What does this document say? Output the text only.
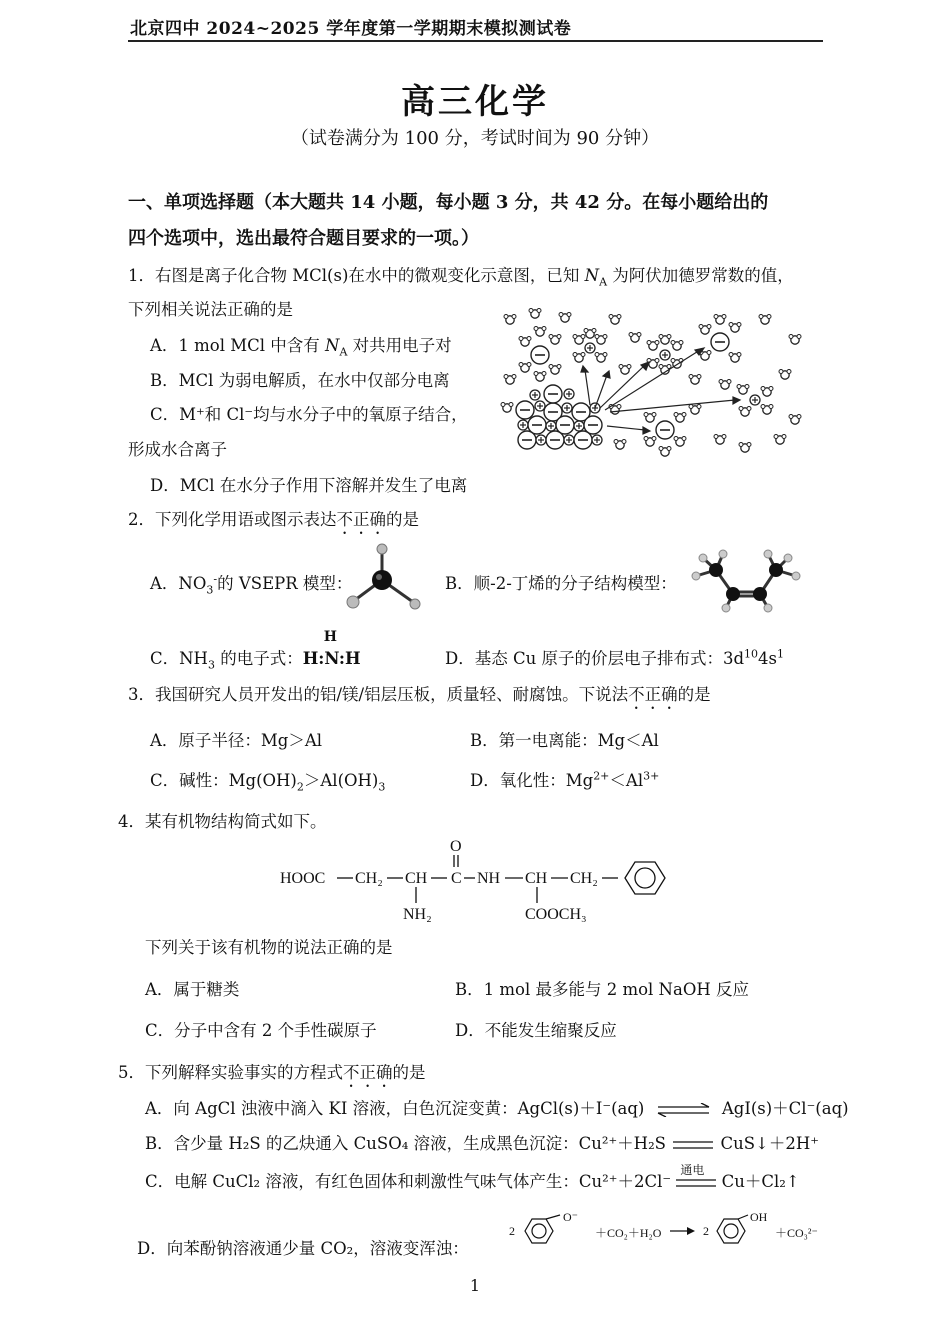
北京四中 2024~2025 学年度第一学期期末模拟测试卷
高三化学
（试卷满分为 100 分，考试时间为 90 分钟）
一、单项选择题（本大题共 14 小题，每小题 3 分，共 42 分。在每小题给出的
四个选项中，选出最符合题目要求的一项。）
1．右图是离子化合物 MCl(s)在水中的微观变化示意图，已知 $N_A$ 为阿伏加德罗常数的值，
下列相关说法正确的是
A．1 mol MCl 中含有 $N_A$ 对共用电子对
B．MCl 为弱电解质，在水中仅部分电离
C．M⁺和 Cl⁻均与水分子中的氧原子结合，
形成水合离子
D．MCl 在水分子作用下溶解并发生了电离
2．下列化学用语或图示表达不正确的是
A．$NO_3^-$的 VSEPR 模型：	B．顺-2-丁烯的分子结构模型：
C．$NH_3$ 的电子式：
H
H:N:H	D．基态 Cu 原子的价层电子排布式：$3d^{10}4s^1$
3．我国研究人员开发出的铝/镁/铝层压板，质量轻、耐腐蚀。下说法不正确的是
A．原子半径：Mg＞Al	B．第一电离能：Mg＜Al
C．碱性：$Mg(OH)_2>Al(OH)_3$	D．氧化性：$Mg^{2+}<Al^{3+}$
4．某有机物结构简式如下。
HOOC CH₂ CH C NH CH CH₂
O
NH₂	COOCH₃
下列关于该有机物的说法正确的是
A．属于糖类	B．1 mol 最多能与 2 mol NaOH 反应
C．分子中含有 2 个手性碳原子	D．不能发生缩聚反应
5．下列解释实验事实的方程式不正确的是
A．向 AgCl 浊液中滴入 KI 溶液，白色沉淀变黄：AgCl(s)＋I⁻(aq) ⇌ AgI(s)＋Cl⁻(aq)
B．含少量 H₂S 的乙炔通入 CuSO₄ 溶液，生成黑色沉淀：Cu²⁺＋H₂S	CuS↓＋2H⁺
C．电解 CuCl₂ 溶液，有红色固体和刺激性气味气体产生：Cu²⁺＋2Cl⁻
通电
Cu＋Cl₂↑
D．向苯酚钠溶液通少量 CO₂，溶液变浑浊：
2
O⁻
＋CO₂＋H₂O	2
OH
＋CO₃²⁻
1
